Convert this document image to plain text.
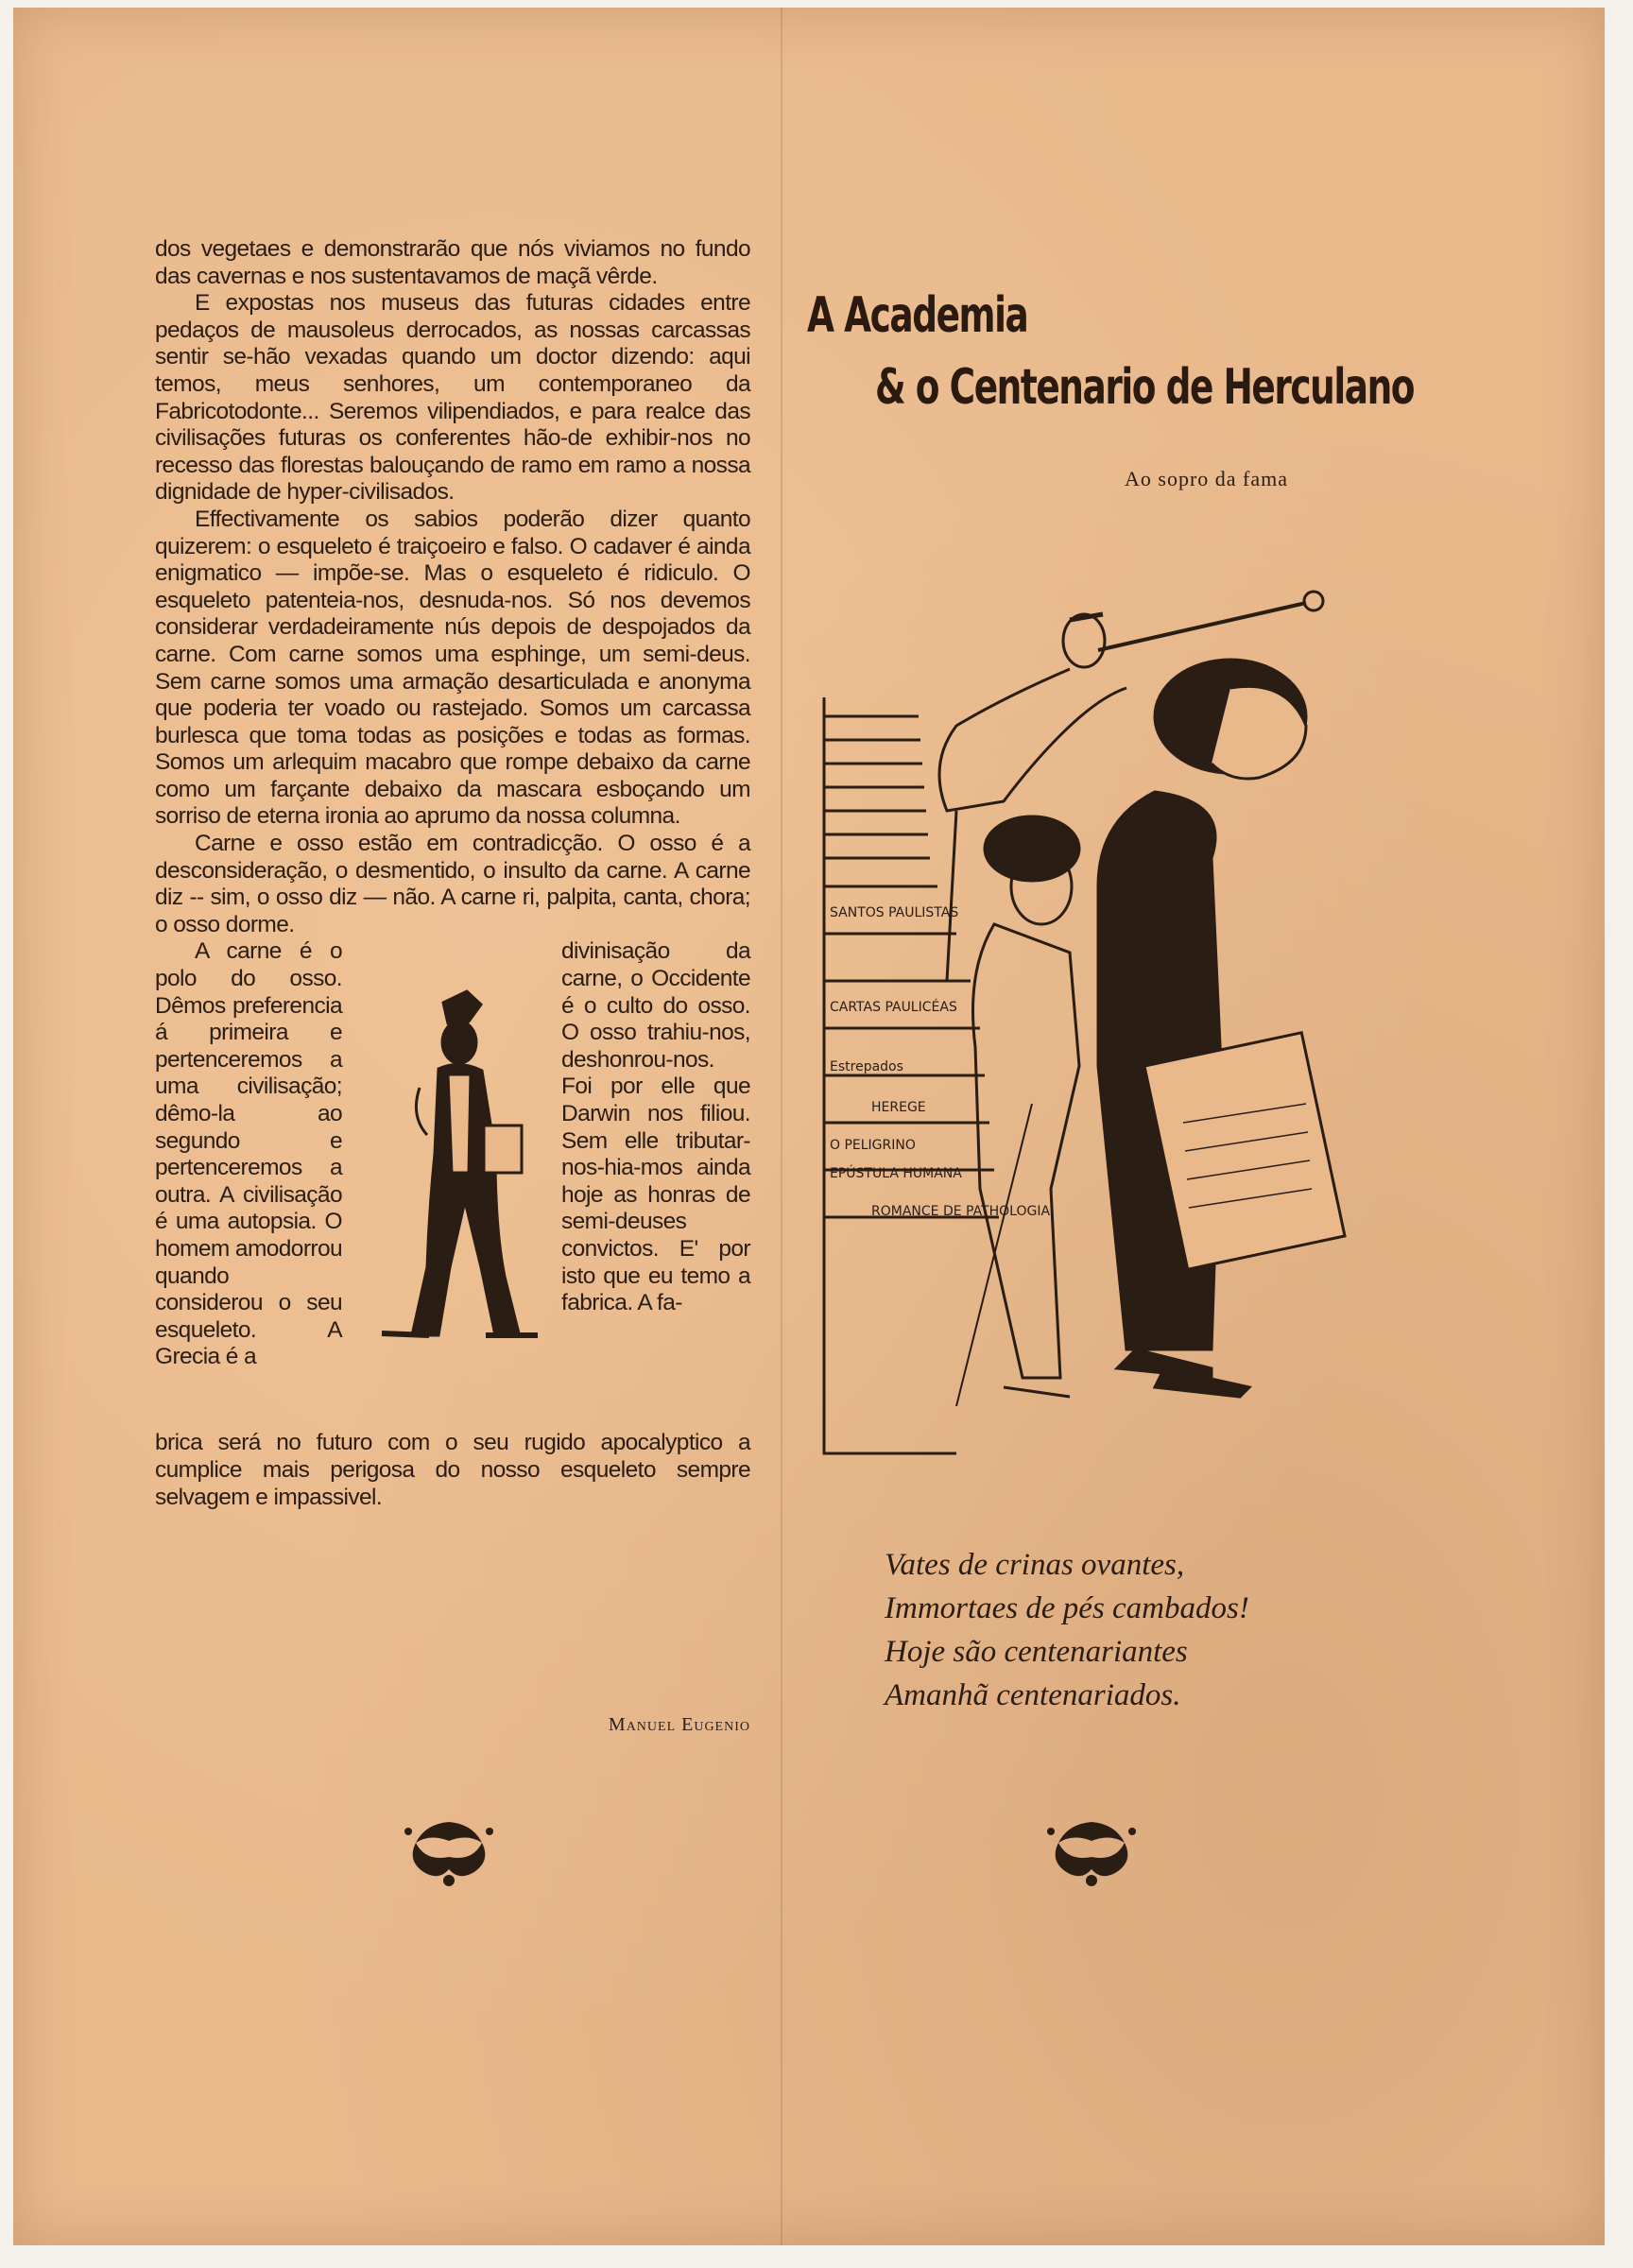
dos vegetaes e demonstrarão que nós viviamos no fundo das cavernas e nos sustentavamos de maçã vêrde.

E expostas nos museus das futuras cidades entre pedaços de mausoleus derrocados, as nossas carcassas sentir se-hão vexadas quando um doctor dizendo: aqui temos, meus senhores, um contemporaneo da Fabricotodonte... Seremos vilipendiados, e para realce das civilisações futuras os conferentes hão-de exhibir-nos no recesso das florestas balouçando de ramo em ramo a nossa dignidade de hyper-civilisados.

Effectivamente os sabios poderão dizer quanto quizerem: o esqueleto é traiçoeiro e falso. O cadaver é ainda enigmatico — impõe-se. Mas o esqueleto é ridiculo. O esqueleto patenteia-nos, desnuda-nos. Só nos devemos considerar verdadeiramente nús depois de despojados da carne. Com carne somos uma esphinge, um semi-deus. Sem carne somos uma armação desarticulada e anonyma que poderia ter voado ou rastejado. Somos um carcassa burlesca que toma todas as posições e todas as formas. Somos um arlequim macabro que rompe debaixo da carne como um farçante debaixo da mascara esboçando um sorriso de eterna ironia ao aprumo da nossa columna.

Carne e osso estão em contradicção. O osso é a desconsideração, o desmentido, o insulto da carne. A carne diz -- sim, o osso diz — não. A carne ri, palpita, canta, chora; o osso dorme.

A carne é o polo do osso. Dêmos preferencia á primeira e pertenceremos a uma civilisação; dêmo-la ao segundo e pertenceremos a outra. A civilisação é uma autopsia. O homem amodorrou quando considerou o seu esqueleto. A Grecia é a
divinisação da carne, o Occidente é o culto do osso. O osso trahiu-nos, deshonrou-nos. Foi por elle que Darwin nos filiou. Sem elle tributar-nos-hia-mos ainda hoje as honras de semi-deuses convictos. E' por isto que eu temo a fabrica. A fa-
brica será no futuro com o seu rugido apocalyptico a cumplice mais perigosa do nosso esqueleto sempre selvagem e impassivel.
Manuel Eugenio
A Academia
& o Centenario de Herculano
Ao sopro da fama
SANTOS PAULISTAS
CARTAS PAULICÉAS
Estrepados
HEREGE
O PELIGRINO
EPÚSTULA HUMANA
ROMANCE DE PATHOLOGIA
Vates de crinas ovantes,
Immortaes de pés cambados!
Hoje são centenariantes
Amanhã centenariados.
